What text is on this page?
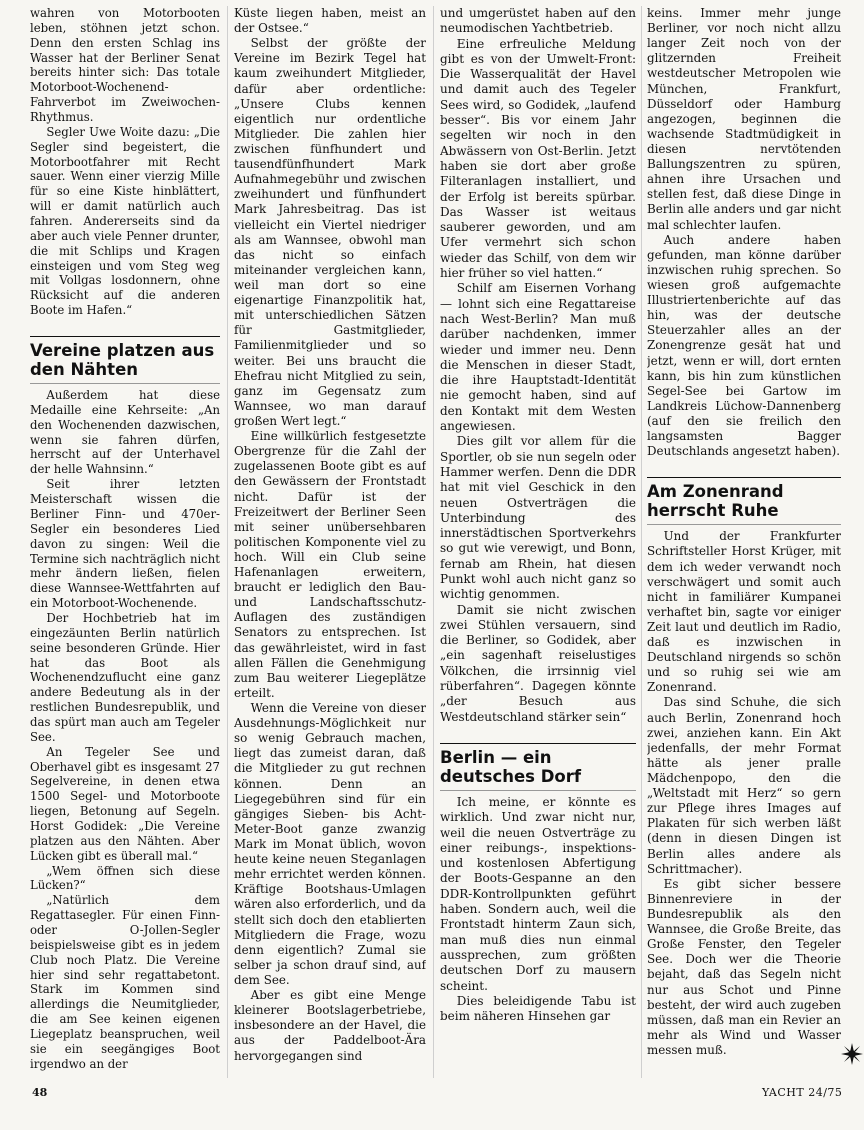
wahren von Motorbooten leben, stöhnen jetzt schon. Denn den ersten Schlag ins Wasser hat der Berliner Senat bereits hinter sich: Das totale Motorboot-Wochenend-Fahrverbot im Zweiwochen-Rhythmus.

Segler Uwe Woite dazu: „Die Segler sind begeistert, die Motorbootfahrer mit Recht sauer. Wenn einer vierzig Mille für so eine Kiste hinblättert, will er damit natürlich auch fahren. Andererseits sind da aber auch viele Penner drunter, die mit Schlips und Kragen einsteigen und vom Steg weg mit Vollgas losdonnern, ohne Rücksicht auf die anderen Boote im Hafen.“

Vereine platzen aus den Nähten

Außerdem hat diese Medaille eine Kehrseite: „An den Wochenenden dazwischen, wenn sie fahren dürfen, herrscht auf der Unterhavel der helle Wahnsinn.“

Seit ihrer letzten Meisterschaft wissen die Berliner Finn- und 470er-Segler ein besonderes Lied davon zu singen: Weil die Termine sich nachträglich nicht mehr ändern ließen, fielen diese Wannsee-Wettfahrten auf ein Motorboot-Wochenende.

Der Hochbetrieb hat im eingezäunten Berlin natürlich seine besonderen Gründe. Hier hat das Boot als Wochenendzuflucht eine ganz andere Bedeutung als in der restlichen Bundesrepublik, und das spürt man auch am Tegeler See.

An Tegeler See und Oberhavel gibt es insgesamt 27 Segelvereine, in denen etwa 1500 Segel- und Motorboote liegen, Betonung auf Segeln. Horst Godidek: „Die Vereine platzen aus den Nähten. Aber Lücken gibt es überall mal.“

„Wem öffnen sich diese Lücken?“

„Natürlich dem Regattasegler. Für einen Finn- oder O-Jollen-Segler beispielsweise gibt es in jedem Club noch Platz. Die Vereine hier sind sehr regattabetont. Stark im Kommen sind allerdings die Neumitglieder, die am See keinen eigenen Liegeplatz beanspruchen, weil sie ein seegängiges Boot irgendwo an der

Küste liegen haben, meist an der Ostsee.“

Selbst der größte der Vereine im Bezirk Tegel hat kaum zweihundert Mitglieder, dafür aber ordentliche: „Unsere Clubs kennen eigentlich nur ordentliche Mitglieder. Die zahlen hier zwischen fünfhundert und tausendfünfhundert Mark Aufnahmegebühr und zwischen zweihundert und fünfhundert Mark Jahresbeitrag. Das ist vielleicht ein Viertel niedriger als am Wannsee, obwohl man das nicht so einfach miteinander vergleichen kann, weil man dort so eine eigenartige Finanzpolitik hat, mit unterschiedlichen Sätzen für Gastmitglieder, Familienmitglieder und so weiter. Bei uns braucht die Ehefrau nicht Mitglied zu sein, ganz im Gegensatz zum Wannsee, wo man darauf großen Wert legt.“

Eine willkürlich festgesetzte Obergrenze für die Zahl der zugelassenen Boote gibt es auf den Gewässern der Frontstadt nicht. Dafür ist der Freizeitwert der Berliner Seen mit seiner unübersehbaren politischen Komponente viel zu hoch. Will ein Club seine Hafenanlagen erweitern, braucht er lediglich den Bau- und Landschaftsschutz-Auflagen des zuständigen Senators zu entsprechen. Ist das gewährleistet, wird in fast allen Fällen die Genehmigung zum Bau weiterer Liegeplätze erteilt.

Wenn die Vereine von dieser Ausdehnungs-Möglichkeit nur so wenig Gebrauch machen, liegt das zumeist daran, daß die Mitglieder zu gut rechnen können. Denn an Liegegebühren sind für ein gängiges Sieben- bis Acht-Meter-Boot ganze zwanzig Mark im Monat üblich, wovon heute keine neuen Steganlagen mehr errichtet werden können. Kräftige Bootshaus-Umlagen wären also erforderlich, und da stellt sich doch den etablierten Mitgliedern die Frage, wozu denn eigentlich? Zumal sie selber ja schon drauf sind, auf dem See.

Aber es gibt eine Menge kleinerer Bootslagerbetriebe, insbesondere an der Havel, die aus der Paddelboot-Ära hervorgegangen sind

und umgerüstet haben auf den neumodischen Yachtbetrieb.

Eine erfreuliche Meldung gibt es von der Umwelt-Front: Die Wasserqualität der Havel und damit auch des Tegeler Sees wird, so Godidek, „laufend besser“. Bis vor einem Jahr segelten wir noch in den Abwässern von Ost-Berlin. Jetzt haben sie dort aber große Filteranlagen installiert, und der Erfolg ist bereits spürbar. Das Wasser ist weitaus sauberer geworden, und am Ufer vermehrt sich schon wieder das Schilf, von dem wir hier früher so viel hatten.“

Schilf am Eisernen Vorhang — lohnt sich eine Regattareise nach West-Berlin? Man muß darüber nachdenken, immer wieder und immer neu. Denn die Menschen in dieser Stadt, die ihre Hauptstadt-Identität nie gemocht haben, sind auf den Kontakt mit dem Westen angewiesen.

Dies gilt vor allem für die Sportler, ob sie nun segeln oder Hammer werfen. Denn die DDR hat mit viel Geschick in den neuen Ostverträgen die Unterbindung des innerstädtischen Sportverkehrs so gut wie verewigt, und Bonn, fernab am Rhein, hat diesen Punkt wohl auch nicht ganz so wichtig genommen.

Damit sie nicht zwischen zwei Stühlen versauern, sind die Berliner, so Godidek, aber „ein sagenhaft reiselustiges Völkchen, die irrsinnig viel rüberfahren“. Dagegen könnte „der Besuch aus Westdeutschland stärker sein“

Berlin — ein deutsches Dorf

Ich meine, er könnte es wirklich. Und zwar nicht nur, weil die neuen Ostverträge zu einer reibungs-, inspektions- und kostenlosen Abfertigung der Boots-Gespanne an den DDR-Kontrollpunkten geführt haben. Sondern auch, weil die Frontstadt hinterm Zaun sich, man muß dies nun einmal aussprechen, zum größten deutschen Dorf zu mausern scheint.

Dies beleidigende Tabu ist beim näheren Hinsehen gar

keins. Immer mehr junge Berliner, vor noch nicht allzu langer Zeit noch von der glitzernden Freiheit westdeutscher Metropolen wie München, Frankfurt, Düsseldorf oder Hamburg angezogen, beginnen die wachsende Stadtmüdigkeit in diesen nervtötenden Ballungszentren zu spüren, ahnen ihre Ursachen und stellen fest, daß diese Dinge in Berlin alle anders und gar nicht mal schlechter laufen.

Auch andere haben gefunden, man könne darüber inzwischen ruhig sprechen. So wiesen groß aufgemachte Illustriertenberichte auf das hin, was der deutsche Steuerzahler alles an der Zonengrenze gesät hat und jetzt, wenn er will, dort ernten kann, bis hin zum künstlichen Segel-See bei Gartow im Landkreis Lüchow-Dannenberg (auf den sie freilich den langsamsten Bagger Deutschlands angesetzt haben).

Am Zonenrand herrscht Ruhe

Und der Frankfurter Schriftsteller Horst Krüger, mit dem ich weder verwandt noch verschwägert und somit auch nicht in familiärer Kumpanei verhaftet bin, sagte vor einiger Zeit laut und deutlich im Radio, daß es inzwischen in Deutschland nirgends so schön und so ruhig sei wie am Zonenrand.

Das sind Schuhe, die sich auch Berlin, Zonenrand hoch zwei, anziehen kann. Ein Akt jedenfalls, der mehr Format hätte als jener pralle Mädchenpopo, den die „Weltstadt mit Herz“ so gern zur Pflege ihres Images auf Plakaten für sich werben läßt (denn in diesen Dingen ist Berlin alles andere als Schrittmacher).

Es gibt sicher bessere Binnenreviere in der Bundesrepublik als den Wannsee, die Große Breite, das Große Fenster, den Tegeler See. Doch wer die Theorie bejaht, daß das Segeln nicht nur aus Schot und Pinne besteht, der wird auch zugeben müssen, daß man ein Revier an mehr als Wind und Wasser messen muß.

48	YACHT 24/75
